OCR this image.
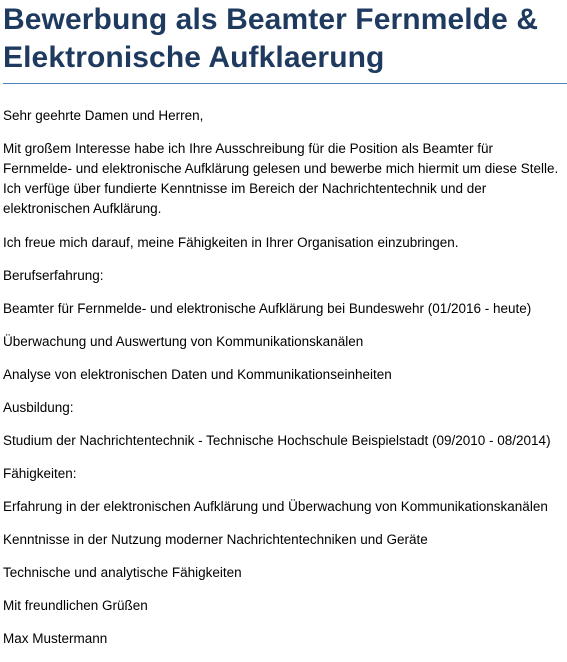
Bewerbung als Beamter Fernmelde &
Elektronische Aufklaerung

Sehr geehrte Damen und Herren,

Mit großem Interesse habe ich Ihre Ausschreibung für die Position als Beamter für Fernmelde- und elektronische Aufklärung gelesen und bewerbe mich hiermit um diese Stelle. Ich verfüge über fundierte Kenntnisse im Bereich der Nachrichtentechnik und der elektronischen Aufklärung.

Ich freue mich darauf, meine Fähigkeiten in Ihrer Organisation einzubringen.

Berufserfahrung:

Beamter für Fernmelde- und elektronische Aufklärung bei Bundeswehr (01/2016 - heute)

Überwachung und Auswertung von Kommunikationskanälen

Analyse von elektronischen Daten und Kommunikationseinheiten

Ausbildung:

Studium der Nachrichtentechnik - Technische Hochschule Beispielstadt (09/2010 - 08/2014)

Fähigkeiten:

Erfahrung in der elektronischen Aufklärung und Überwachung von Kommunikationskanälen

Kenntnisse in der Nutzung moderner Nachrichtentechniken und Geräte

Technische und analytische Fähigkeiten

Mit freundlichen Grüßen

Max Mustermann
